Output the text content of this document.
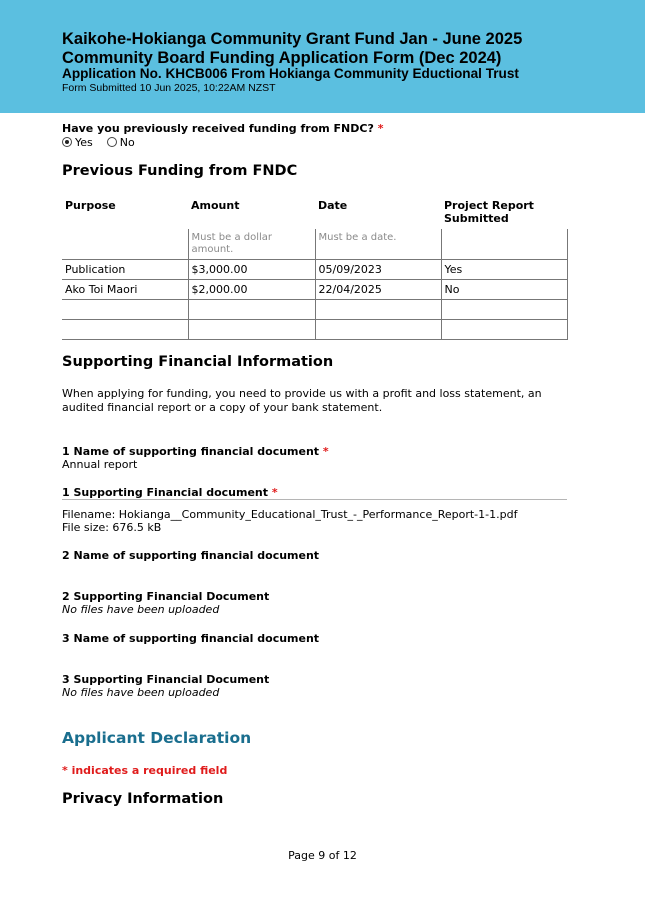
Kaikohe-Hokianga Community Grant Fund Jan - June 2025
Community Board Funding Application Form (Dec 2024)
Application No. KHCB006 From Hokianga Community Eductional Trust
Form Submitted 10 Jun 2025, 10:22AM NZST
Have you previously received funding from FNDC? *
Yes No
Previous Funding from FNDC
Purpose	Amount	Date	Project Report Submitted
	Must be a dollar amount.	Must be a date.	
Publication	$3,000.00	05/09/2023	Yes
Ako Toi Maori	$2,000.00	22/04/2025	No

Supporting Financial Information
When applying for funding, you need to provide us with a profit and loss statement, an audited financial report or a copy of your bank statement.
1 Name of supporting financial document *
Annual report
1 Supporting Financial document *
Filename: Hokianga__Community_Educational_Trust_-_Performance_Report-1-1.pdf
File size: 676.5 kB
2 Name of supporting financial document
2 Supporting Financial Document
No files have been uploaded
3 Name of supporting financial document
3 Supporting Financial Document
No files have been uploaded
Applicant Declaration
* indicates a required field
Privacy Information
Page 9 of 12
